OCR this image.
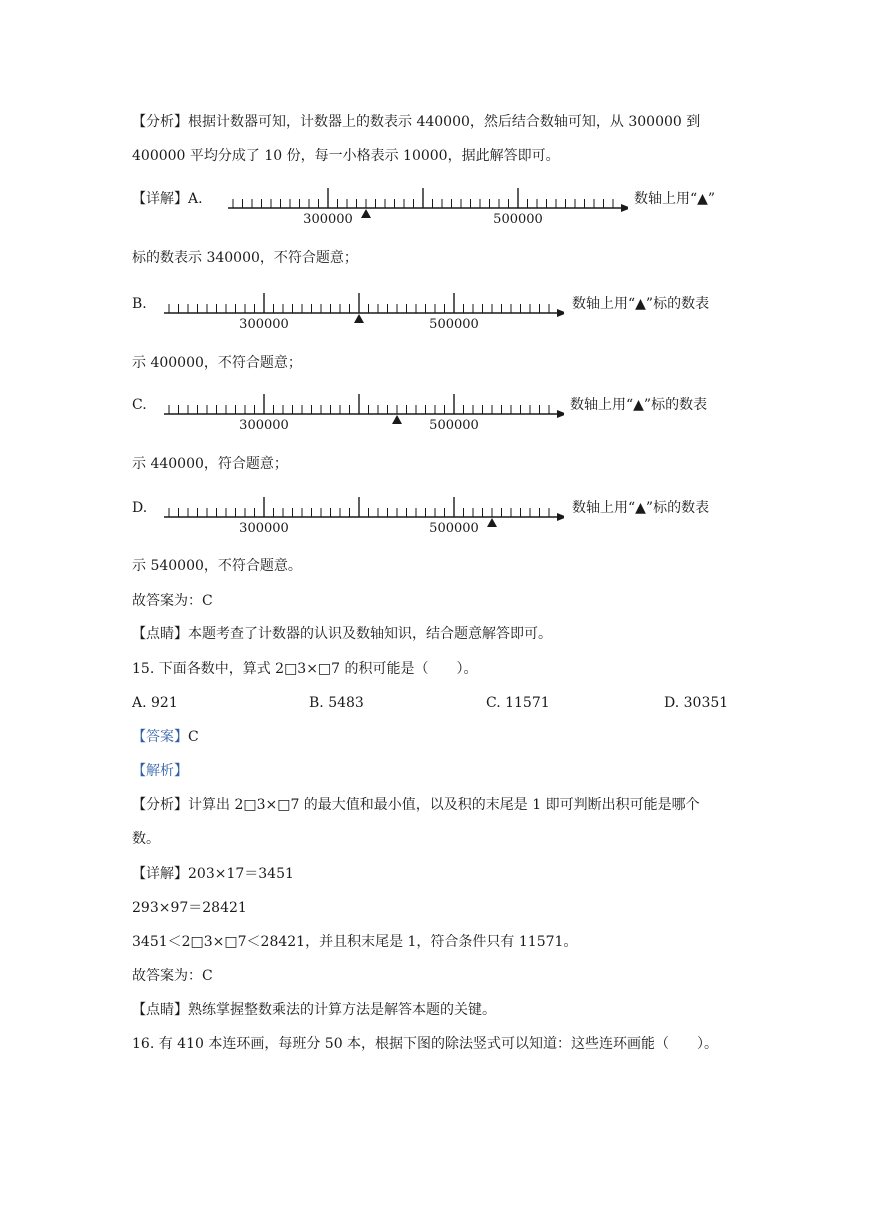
【分析】根据计数器可知，计数器上的数表示 440000，然后结合数轴可知，从 300000 到
400000 平均分成了 10 份，每一小格表示 10000，据此解答即可。
【详解】A.
300000	500000
数轴上用“▲”
标的数表示 340000，不符合题意；
B.
300000	500000
数轴上用“▲”标的数表
示 400000，不符合题意；
C.
300000	500000
数轴上用“▲”标的数表
示 440000，符合题意；
D.
300000	500000
数轴上用“▲”标的数表
示 540000，不符合题意。
故答案为：C
【点睛】本题考查了计数器的认识及数轴知识，结合题意解答即可。
15. 下面各数中，算式 2□3×□7 的积可能是（　　）。
A. 921	B. 5483	C. 11571	D. 30351
【答案】C
【解析】
【分析】计算出 2□3×□7 的最大值和最小值，以及积的末尾是 1 即可判断出积可能是哪个
数。
【详解】203×17＝3451
293×97＝28421
3451＜2□3×□7＜28421，并且积末尾是 1，符合条件只有 11571。
故答案为：C
【点睛】熟练掌握整数乘法的计算方法是解答本题的关键。
16. 有 410 本连环画，每班分 50 本，根据下图的除法竖式可以知道：这些连环画能（　　）。
